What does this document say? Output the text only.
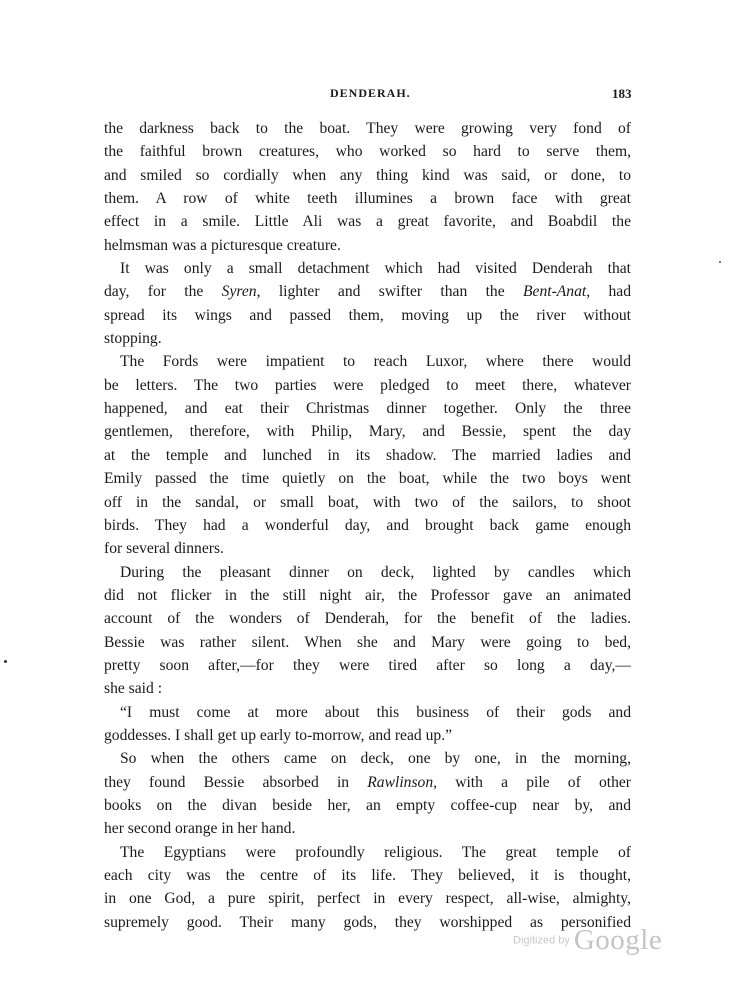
DENDERAH.	183
the darkness back to the boat. They were growing very fond of
the faithful brown creatures, who worked so hard to serve them,
and smiled so cordially when any thing kind was said, or done, to
them. A row of white teeth illumines a brown face with great
effect in a smile. Little Ali was a great favorite, and Boabdil the
helmsman was a picturesque creature.
It was only a small detachment which had visited Denderah that
day, for the Syren, lighter and swifter than the Bent-Anat, had
spread its wings and passed them, moving up the river without
stopping.
The Fords were impatient to reach Luxor, where there would
be letters. The two parties were pledged to meet there, whatever
happened, and eat their Christmas dinner together. Only the three
gentlemen, therefore, with Philip, Mary, and Bessie, spent the day
at the temple and lunched in its shadow. The married ladies and
Emily passed the time quietly on the boat, while the two boys went
off in the sandal, or small boat, with two of the sailors, to shoot
birds. They had a wonderful day, and brought back game enough
for several dinners.
During the pleasant dinner on deck, lighted by candles which
did not flicker in the still night air, the Professor gave an animated
account of the wonders of Denderah, for the benefit of the ladies.
Bessie was rather silent. When she and Mary were going to bed,
pretty soon after,—for they were tired after so long a day,—
she said :
“I must come at more about this business of their gods and
goddesses. I shall get up early to-morrow, and read up.”
So when the others came on deck, one by one, in the morning,
they found Bessie absorbed in Rawlinson, with a pile of other
books on the divan beside her, an empty coffee-cup near by, and
her second orange in her hand.
The Egyptians were profoundly religious. The great temple of
each city was the centre of its life. They believed, it is thought,
in one God, a pure spirit, perfect in every respect, all-wise, almighty,
supremely good. Their many gods, they worshipped as personified
Digitized by Google
